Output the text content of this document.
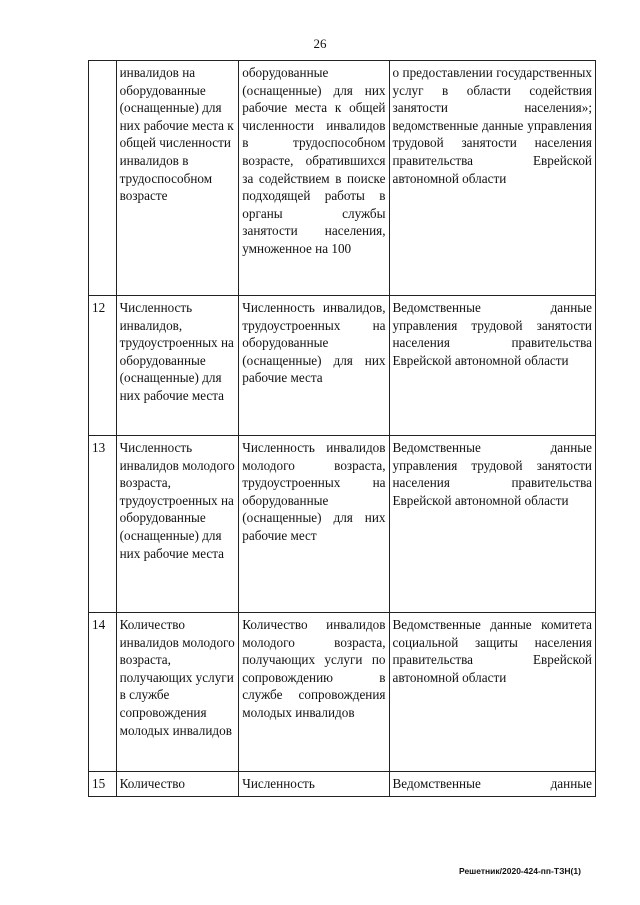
26
	инвалидов на оборудованные (оснащенные) для них рабочие места к общей численности инвалидов в трудоспособном возрасте	оборудованные (оснащенные) для них рабочие места к общей численности инвалидов в трудоспособном возрасте, обратившихся за содействием в поиске подходящей работы в органы службы занятости населения, умноженное на 100	о предоставлении государственных услуг в области содействия занятости населения»; ведомственные данные управления трудовой занятости населения правительства Еврейской автономной области
12	Численность инвалидов, трудоустроенных на оборудованные (оснащенные) для них рабочие места	Численность инвалидов, трудоустроенных на оборудованные (оснащенные) для них рабочие места	Ведомственные данные управления трудовой занятости населения правительства Еврейской автономной области
13	Численность инвалидов молодого возраста, трудоустроенных на оборудованные (оснащенные) для них рабочие места	Численность инвалидов молодого возраста, трудоустроенных на оборудованные (оснащенные) для них рабочие мест	Ведомственные данные управления трудовой занятости населения правительства Еврейской автономной области
14	Количество инвалидов молодого возраста, получающих услуги в службе сопровождения молодых инвалидов	Количество инвалидов молодого возраста, получающих услуги по сопровождению в службе сопровождения молодых инвалидов	Ведомственные данные комитета социальной защиты населения правительства Еврейской автономной области
15	Количество	Численность	Ведомственные данные
Решетник/2020-424-пп-ТЗН(1)
